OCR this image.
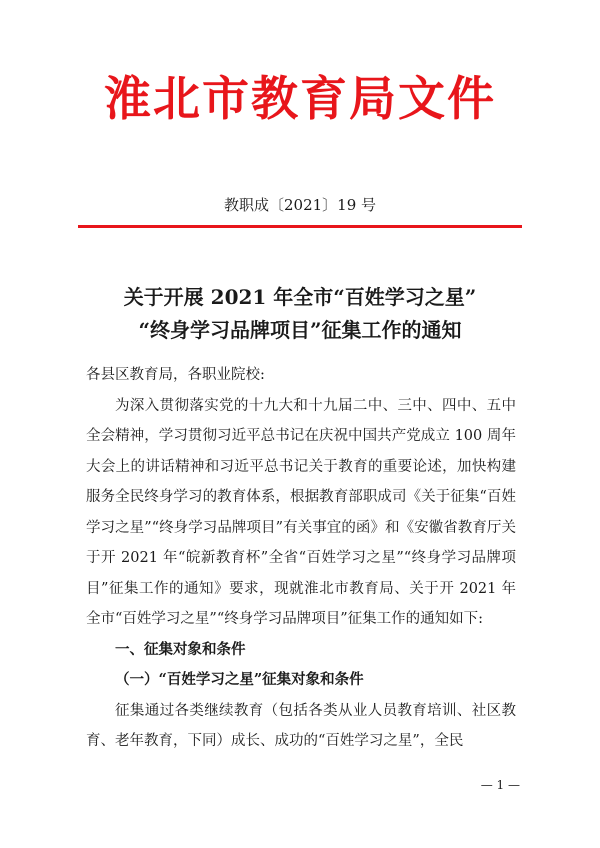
淮北市教育局文件
教职成〔2021〕19 号
关于开展 2021 年全市“百姓学习之星”
“终身学习品牌项目”征集工作的通知

各县区教育局，各职业院校:

为深入贯彻落实党的十九大和十九届二中、三中、四中、五中全会精神，学习贯彻习近平总书记在庆祝中国共产党成立 100 周年大会上的讲话精神和习近平总书记关于教育的重要论述，加快构建服务全民终身学习的教育体系，根据教育部职成司《关于征集“百姓学习之星”“终身学习品牌项目”有关事宜的函》和《安徽省教育厅关于开 2021 年“皖新教育杯”全省“百姓学习之星”“终身学习品牌项目”征集工作的通知》要求，现就淮北市教育局、关于开 2021 年全市“百姓学习之星”“终身学习品牌项目”征集工作的通知如下:

一、征集对象和条件

（一）“百姓学习之星”征集对象和条件

征集通过各类继续教育（包括各类从业人员教育培训、社区教育、老年教育，下同）成长、成功的“百姓学习之星”，全民

— 1 —
